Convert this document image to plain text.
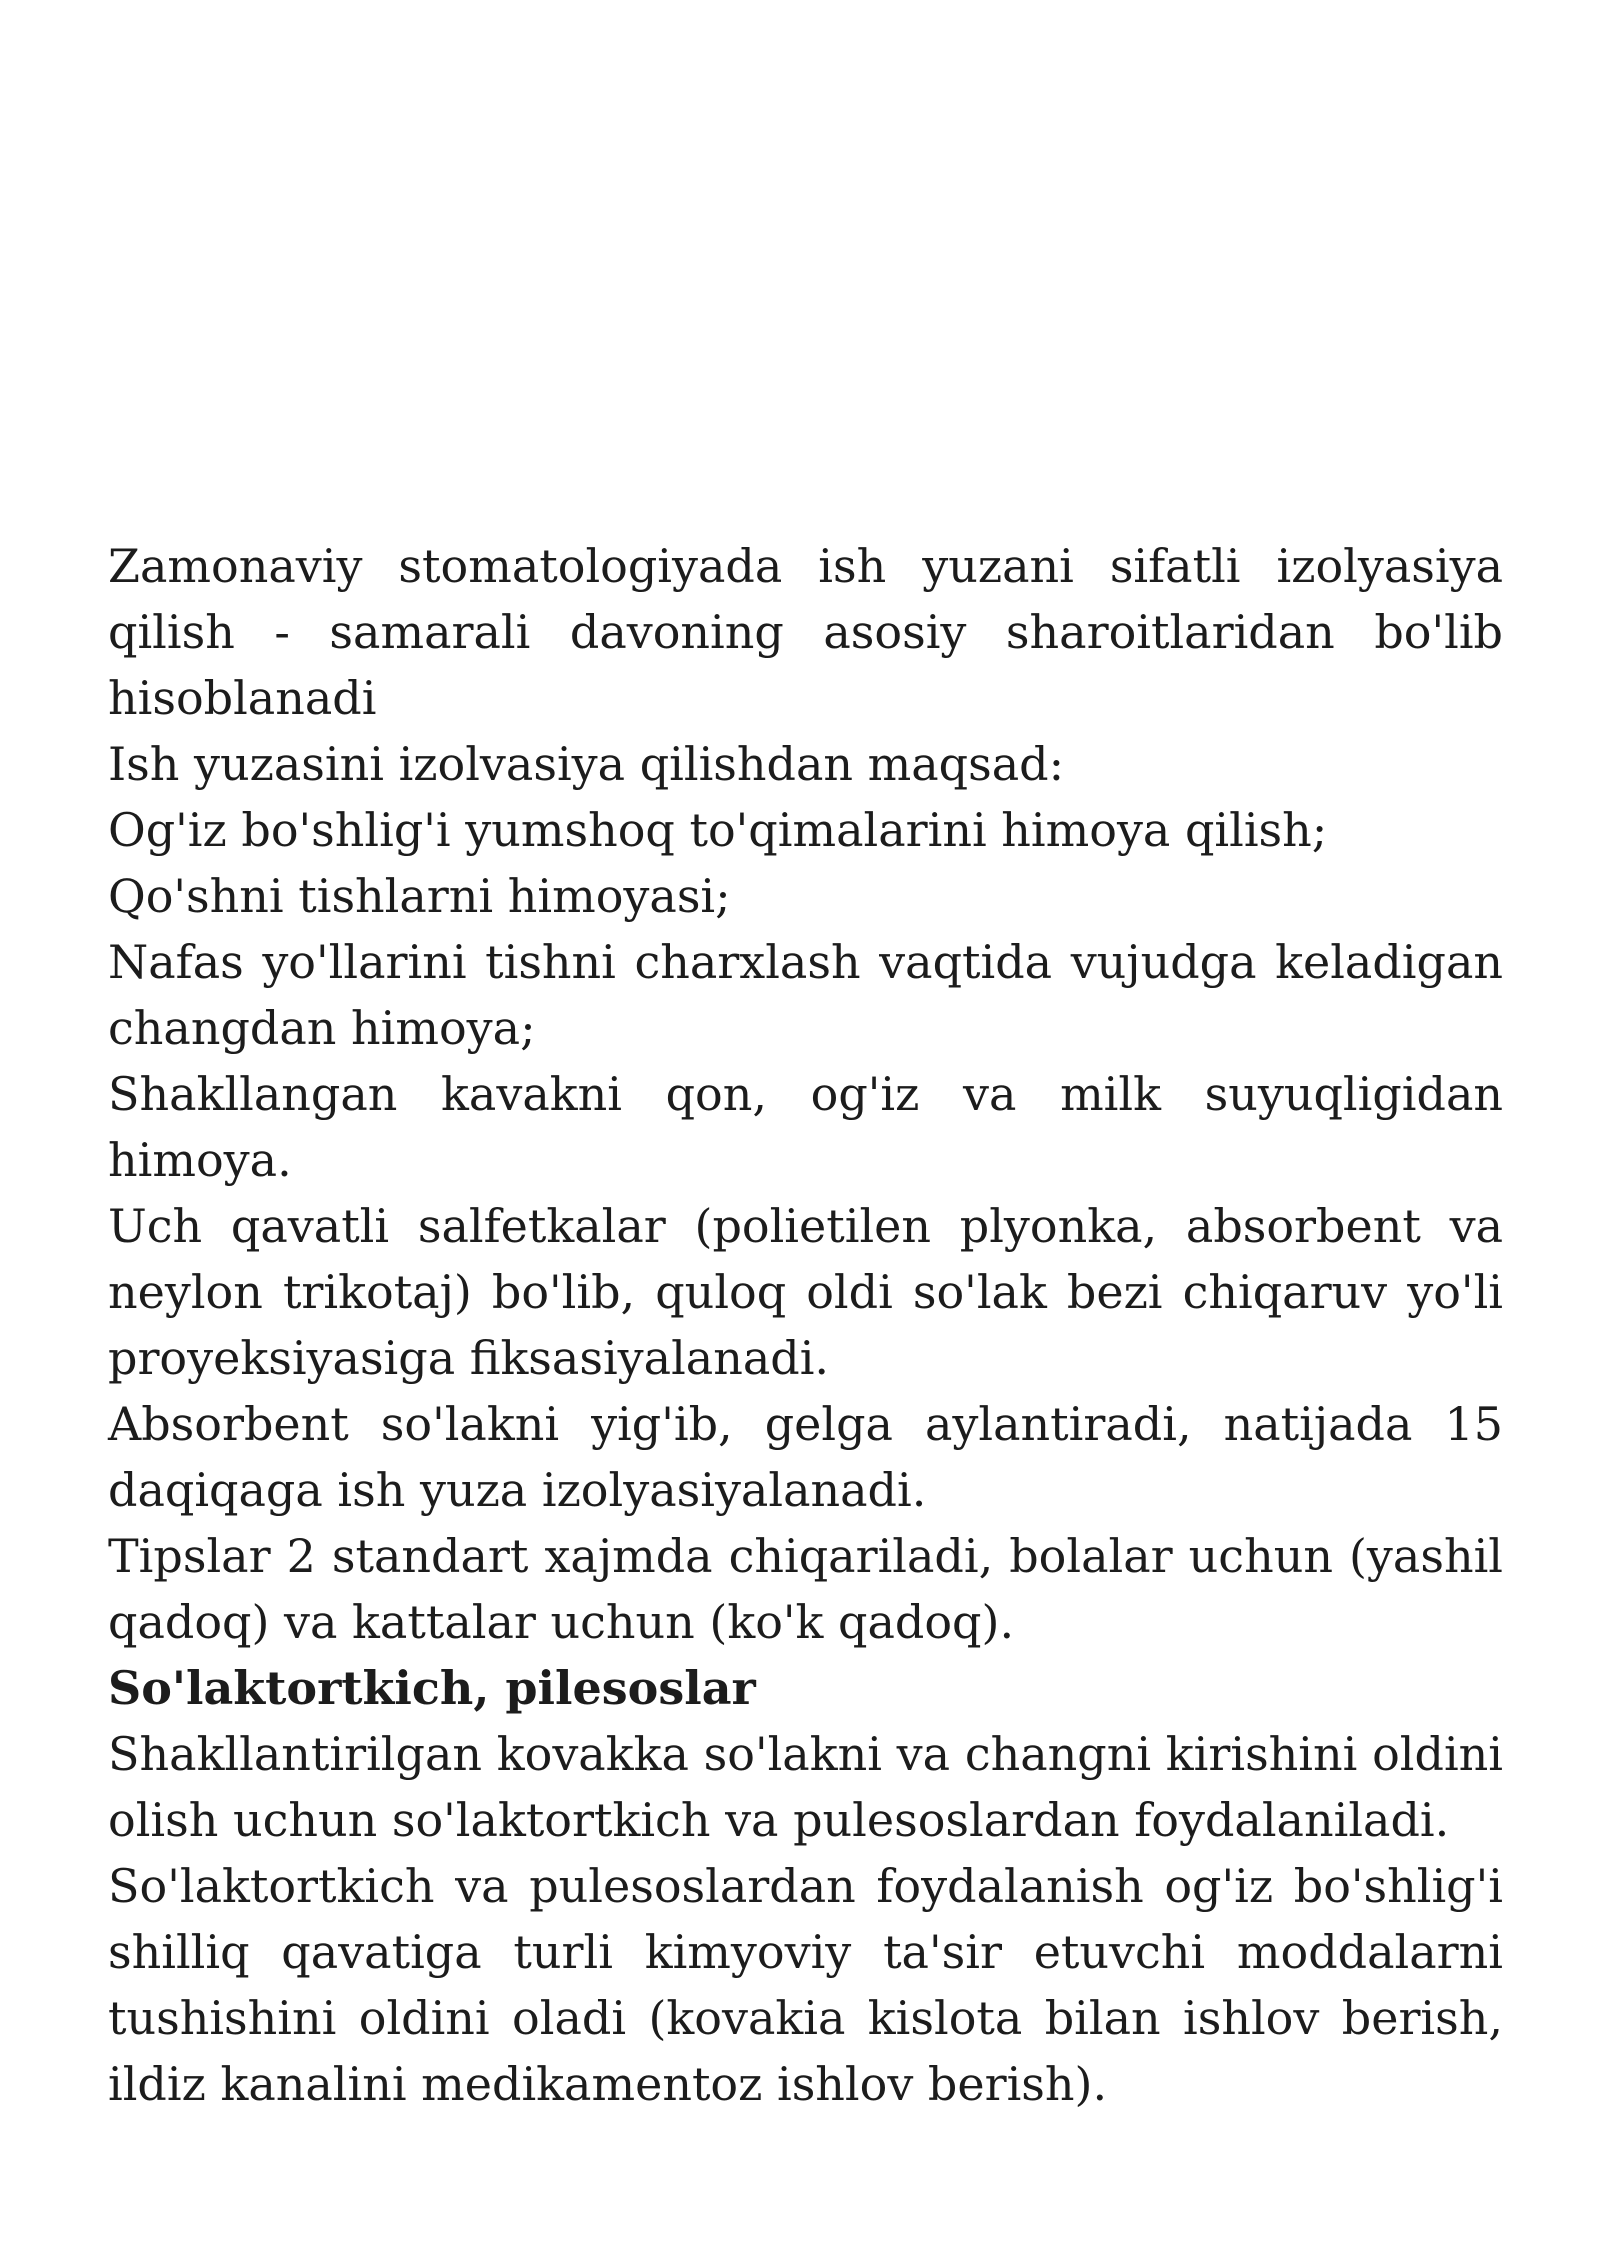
Zamonaviy stomatologiyada ish yuzani sifatli izolyasiya qilish - samarali davoning asosiy sharoitlaridan bo'lib hisoblanadi

Ish yuzasini izolvasiya qilishdan maqsad:

Og'iz bo'shlig'i yumshoq to'qimalarini himoya qilish;

Qo'shni tishlarni himoyasi;

Nafas yo'llarini tishni charxlash vaqtida vujudga keladigan changdan himoya;

Shakllangan kavakni qon, og'iz va milk suyuqligidan himoya.

Uch qavatli salfetkalar (polietilen plyonka, absorbent va neylon trikotaj) bo'lib, quloq oldi so'lak bezi chiqaruv yo'li proyeksiyasiga fiksasiyalanadi.

Absorbent so'lakni yig'ib, gelga aylantiradi, natijada 15 daqiqaga ish yuza izolyasiyalanadi.

Tipslar 2 standart xajmda chiqariladi, bolalar uchun (yashil qadoq) va kattalar uchun (ko'k qadoq).

So'laktortkich, pilesoslar

Shakllantirilgan kovakka so'lakni va changni kirishini oldini olish uchun so'laktortkich va pulesoslardan foydalaniladi.

So'laktortkich va pulesoslardan foydalanish og'iz bo'shlig'i shilliq qavatiga turli kimyoviy ta'sir etuvchi moddalarni tushishini oldini oladi (kovakia kislota bilan ishlov berish, ildiz kanalini medikamentoz ishlov berish).
